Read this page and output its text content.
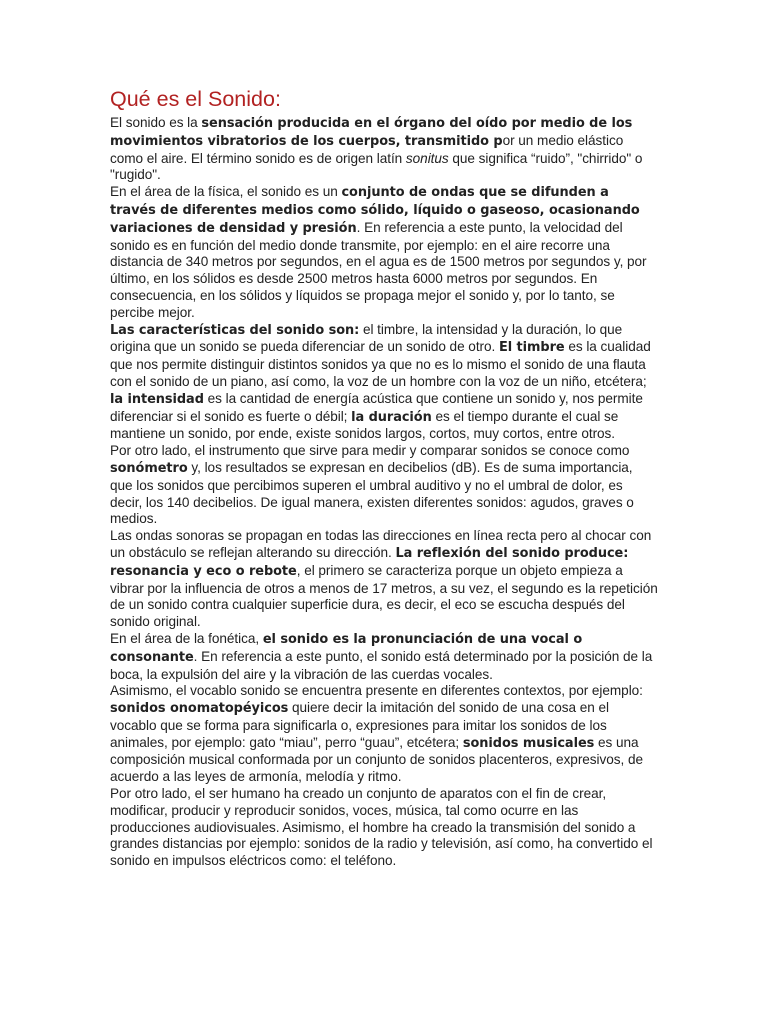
Qué es el Sonido:

El sonido es la sensación producida en el órgano del oído por medio de los movimientos vibratorios de los cuerpos, transmitido por un medio elástico como el aire. El término sonido es de origen latín sonitus que significa “ruido”, "chirrido" o "rugido".

En el área de la física, el sonido es un conjunto de ondas que se difunden a través de diferentes medios como sólido, líquido o gaseoso, ocasionando variaciones de densidad y presión. En referencia a este punto, la velocidad del sonido es en función del medio donde transmite, por ejemplo: en el aire recorre una distancia de 340 metros por segundos, en el agua es de 1500 metros por segundos y, por último, en los sólidos es desde 2500 metros hasta 6000 metros por segundos. En consecuencia, en los sólidos y líquidos se propaga mejor el sonido y, por lo tanto, se percibe mejor.

Las características del sonido son: el timbre, la intensidad y la duración, lo que origina que un sonido se pueda diferenciar de un sonido de otro. El timbre es la cualidad que nos permite distinguir distintos sonidos ya que no es lo mismo el sonido de una flauta con el sonido de un piano, así como, la voz de un hombre con la voz de un niño, etcétera; la intensidad es la cantidad de energía acústica que contiene un sonido y, nos permite diferenciar si el sonido es fuerte o débil; la duración es el tiempo durante el cual se mantiene un sonido, por ende, existe sonidos largos, cortos, muy cortos, entre otros.

Por otro lado, el instrumento que sirve para medir y comparar sonidos se conoce como sonómetro y, los resultados se expresan en decibelios (dB). Es de suma importancia, que los sonidos que percibimos superen el umbral auditivo y no el umbral de dolor, es decir, los 140 decibelios. De igual manera, existen diferentes sonidos: agudos, graves o medios.

Las ondas sonoras se propagan en todas las direcciones en línea recta pero al chocar con un obstáculo se reflejan alterando su dirección. La reflexión del sonido produce: resonancia y eco o rebote, el primero se caracteriza porque un objeto empieza a vibrar por la influencia de otros a menos de 17 metros, a su vez, el segundo es la repetición de un sonido contra cualquier superficie dura, es decir, el eco se escucha después del sonido original.

En el área de la fonética, el sonido es la pronunciación de una vocal o consonante. En referencia a este punto, el sonido está determinado por la posición de la boca, la expulsión del aire y la vibración de las cuerdas vocales.

Asimismo, el vocablo sonido se encuentra presente en diferentes contextos, por ejemplo: sonidos onomatopéyicos quiere decir la imitación del sonido de una cosa en el vocablo que se forma para significarla o, expresiones para imitar los sonidos de los animales, por ejemplo: gato “miau”, perro “guau”, etcétera; sonidos musicales es una composición musical conformada por un conjunto de sonidos placenteros, expresivos, de acuerdo a las leyes de armonía, melodía y ritmo.

Por otro lado, el ser humano ha creado un conjunto de aparatos con el fin de crear, modificar, producir y reproducir sonidos, voces, música, tal como ocurre en las producciones audiovisuales. Asimismo, el hombre ha creado la transmisión del sonido a grandes distancias por ejemplo: sonidos de la radio y televisión, así como, ha convertido el sonido en impulsos eléctricos como: el teléfono.
